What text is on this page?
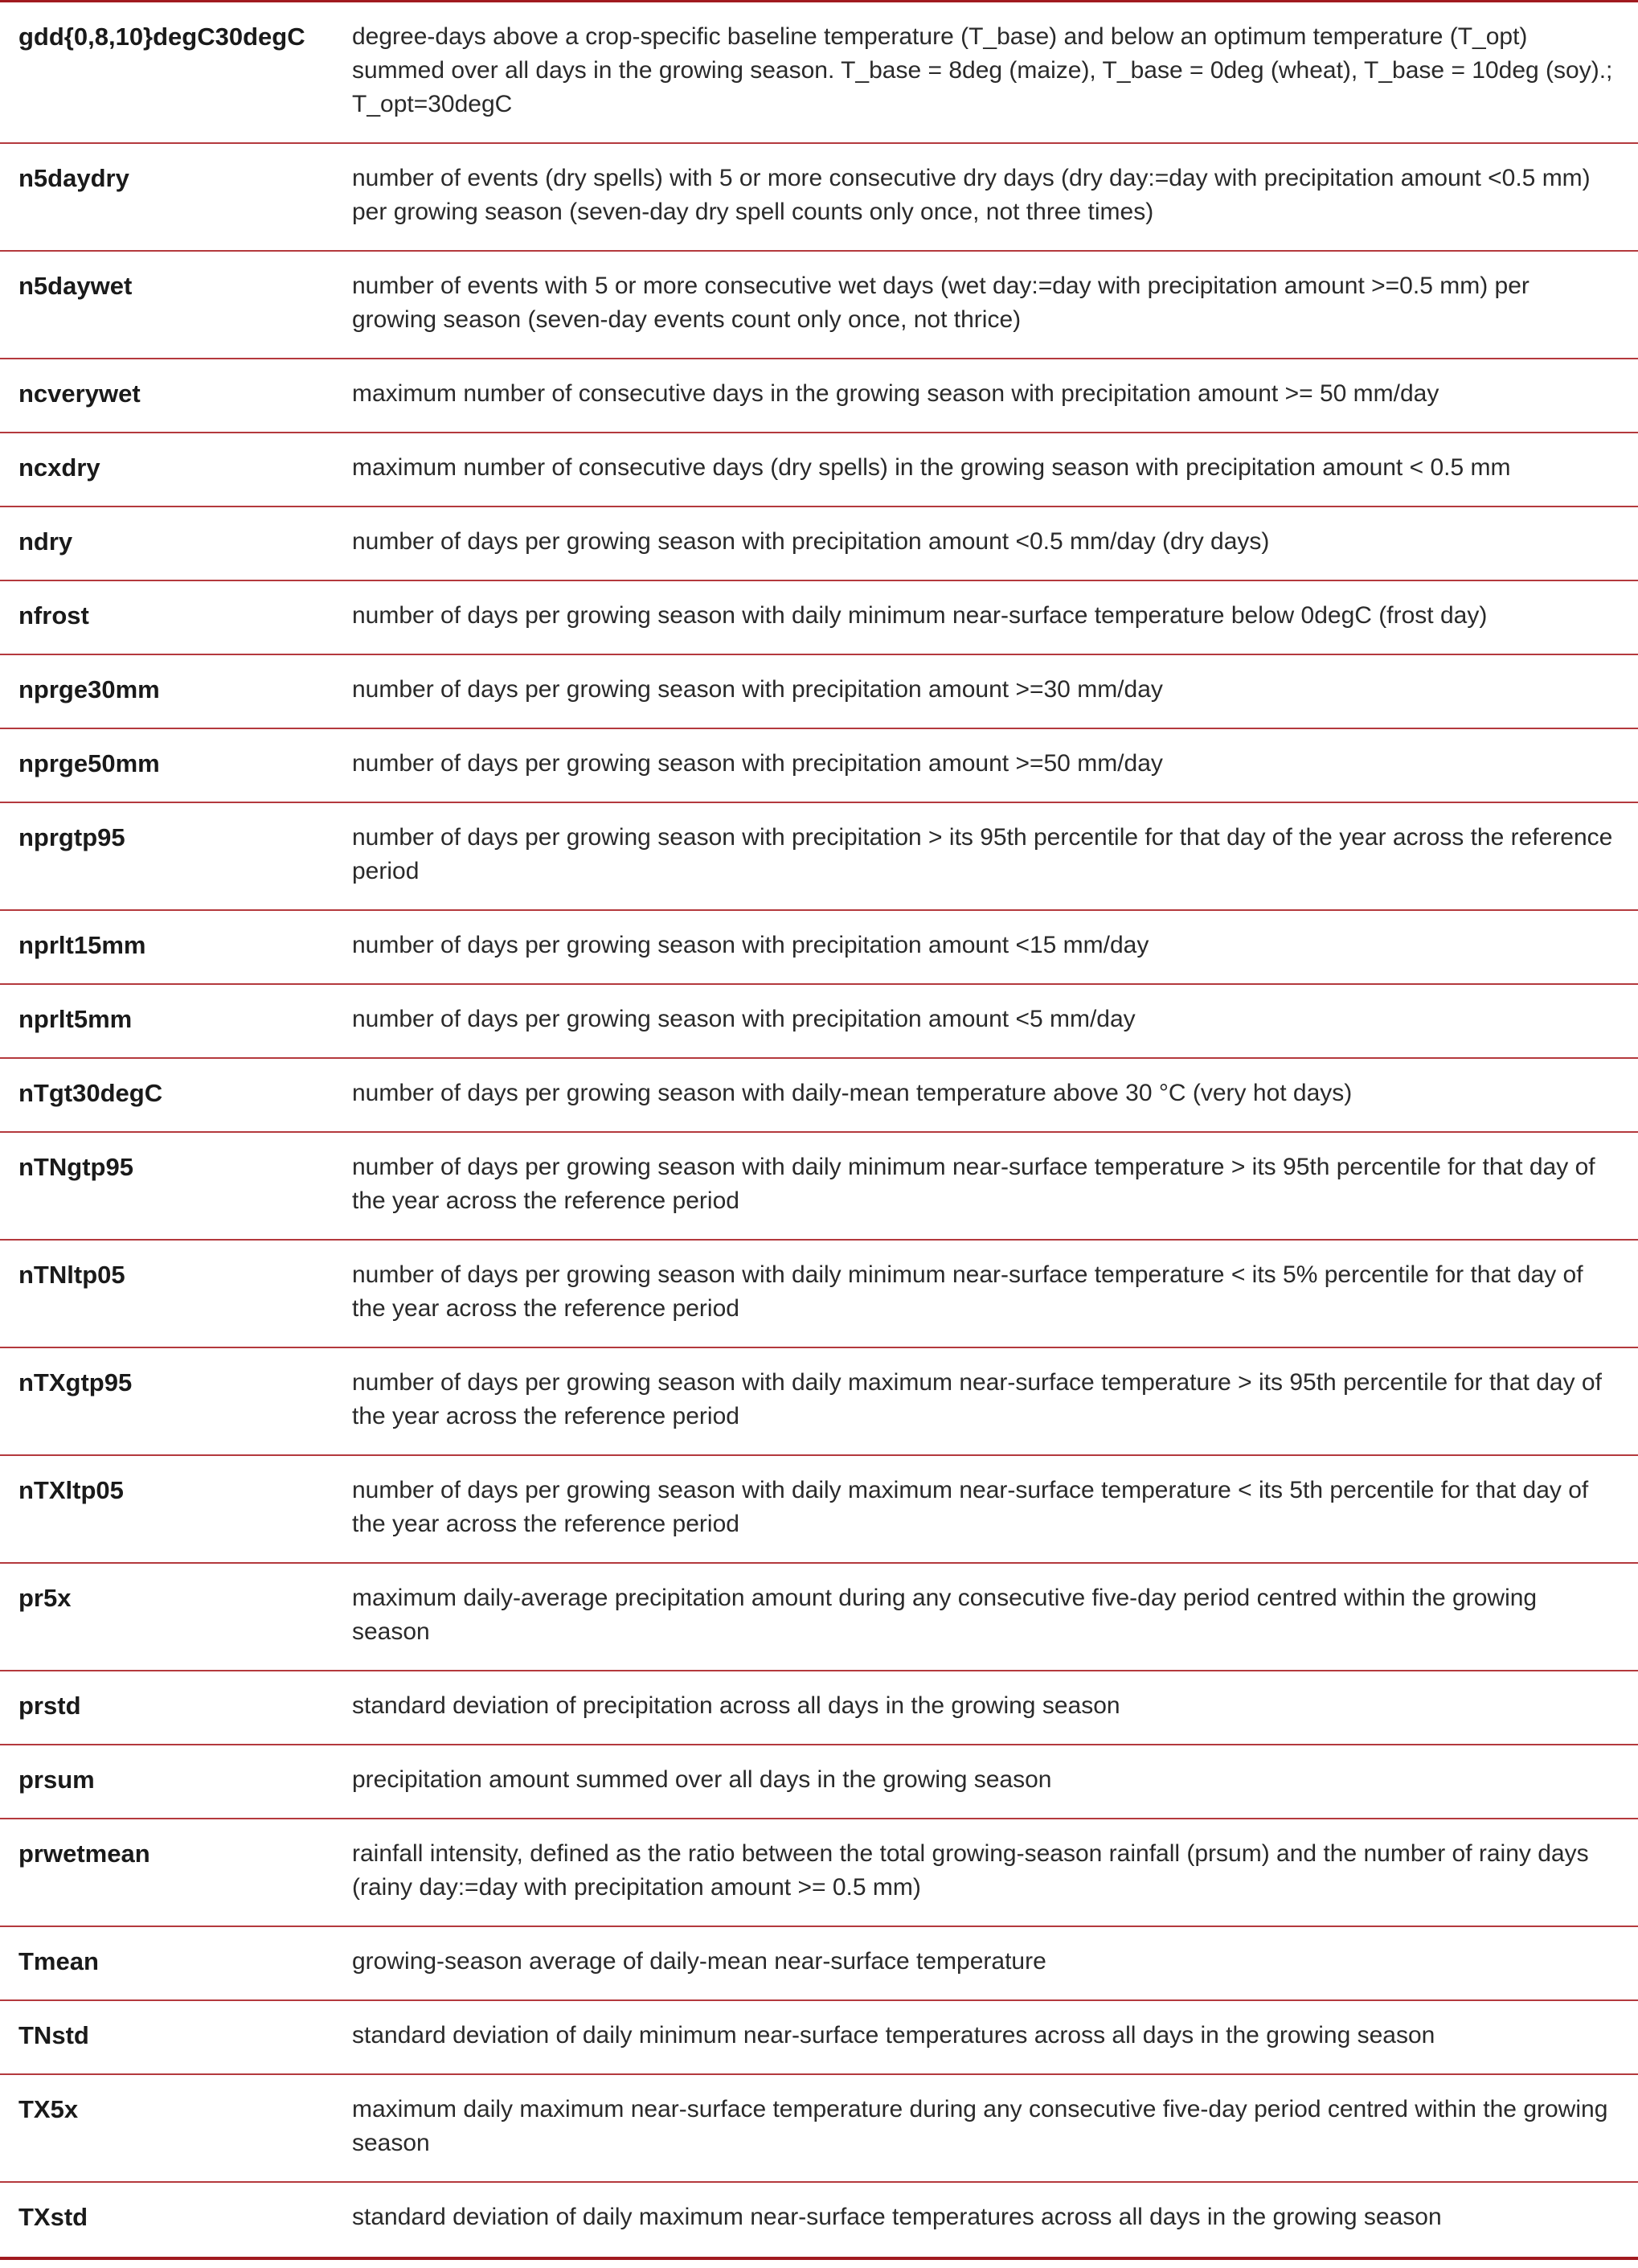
gdd{0,8,10}degC30degC	degree-days above a crop-specific baseline temperature (T_base) and below an optimum temperature (T_opt) summed over all days in the growing season. T_base = 8deg (maize), T_base = 0deg (wheat), T_base = 10deg (soy).; T_opt=30degC
n5daydry	number of events (dry spells) with 5 or more consecutive dry days (dry day:=day with precipitation amount <0.5 mm) per growing season (seven-day dry spell counts only once, not three times)
n5daywet	number of events with 5 or more consecutive wet days (wet day:=day with precipitation amount >=0.5 mm) per growing season (seven-day events count only once, not thrice)
ncverywet	maximum number of consecutive days in the growing season with precipitation amount >= 50 mm/day
ncxdry	maximum number of consecutive days (dry spells) in the growing season with precipitation amount < 0.5 mm
ndry	number of days per growing season with precipitation amount <0.5 mm/day (dry days)
nfrost	number of days per growing season with daily minimum near-surface temperature below 0degC (frost day)
nprge30mm	number of days per growing season with precipitation amount >=30 mm/day
nprge50mm	number of days per growing season with precipitation amount >=50 mm/day
nprgtp95	number of days per growing season with precipitation > its 95th percentile for that day of the year across the reference period
nprlt15mm	number of days per growing season with precipitation amount <15 mm/day
nprlt5mm	number of days per growing season with precipitation amount <5 mm/day
nTgt30degC	number of days per growing season with daily-mean temperature above 30 °C (very hot days)
nTNgtp95	number of days per growing season with daily minimum near-surface temperature > its 95th percentile for that day of the year across the reference period
nTNltp05	number of days per growing season with daily minimum near-surface temperature < its 5% percentile for that day of the year across the reference period
nTXgtp95	number of days per growing season with daily maximum near-surface temperature > its 95th percentile for that day of the year across the reference period
nTXltp05	number of days per growing season with daily maximum near-surface temperature < its 5th percentile for that day of the year across the reference period
pr5x	maximum daily-average precipitation amount during any consecutive five-day period centred within the growing season
prstd	standard deviation of precipitation across all days in the growing season
prsum	precipitation amount summed over all days in the growing season
prwetmean	rainfall intensity, defined as the ratio between the total growing-season rainfall (prsum) and the number of rainy days (rainy day:=day with precipitation amount >= 0.5 mm)
Tmean	growing-season average of daily-mean near-surface temperature
TNstd	standard deviation of daily minimum near-surface temperatures across all days in the growing season
TX5x	maximum daily maximum near-surface temperature during any consecutive five-day period centred within the growing season
TXstd	standard deviation of daily maximum near-surface temperatures across all days in the growing season
